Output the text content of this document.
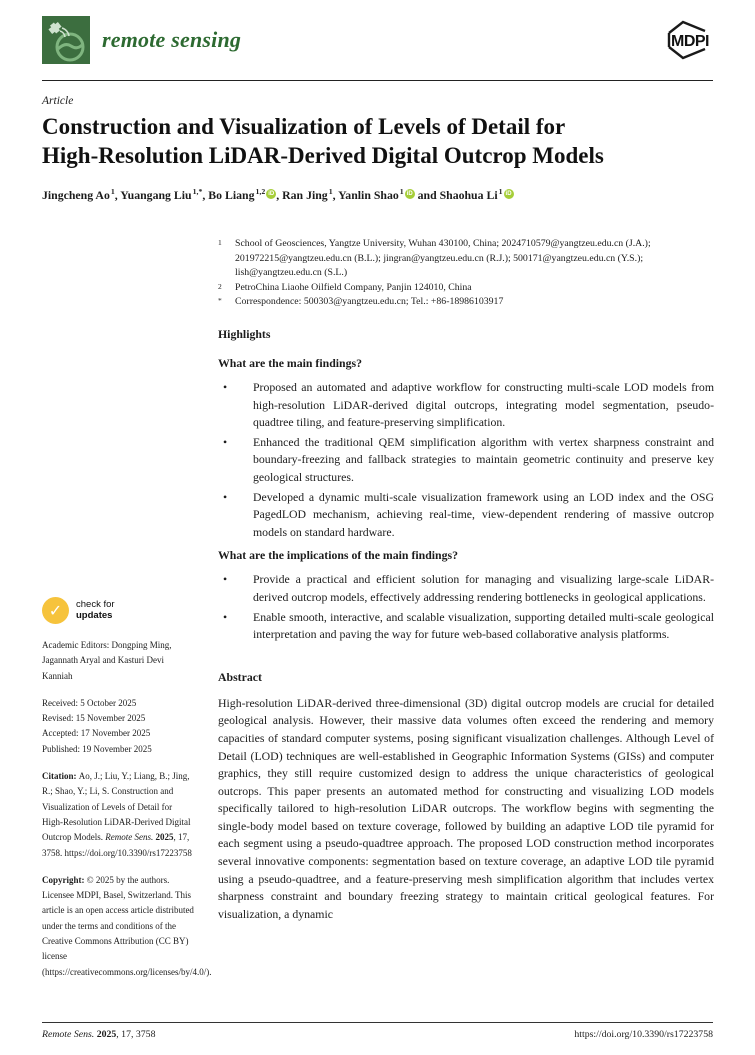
remote sensing	MDPI
Article
Construction and Visualization of Levels of Detail for
High-Resolution LiDAR-Derived Digital Outcrop Models
Jingcheng Ao$^1$, Yuangang Liu$^{1,*}$, Bo Liang$^{1,2}$ iD , Ran Jing$^1$, Yanlin Shao$^1$ iD and Shaohua Li$^1$ iD
1	School of Geosciences, Yangtze University, Wuhan 430100, China; 2024710579@yangtzeu.edu.cn (J.A.); 201972215@yangtzeu.edu.cn (B.L.); jingran@yangtzeu.edu.cn (R.J.); 500171@yangtzeu.edu.cn (Y.S.); lish@yangtzeu.edu.cn (S.L.)
2	PetroChina Liaohe Oilfield Company, Panjin 124010, China
*	Correspondence: 500303@yangtzeu.edu.cn; Tel.: +86-18986103917
Highlights
What are the main findings?
•	Proposed an automated and adaptive workflow for constructing multi-scale LOD models from high-resolution LiDAR-derived digital outcrops, integrating model segmentation, pseudo-quadtree tiling, and feature-preserving simplification.
•	Enhanced the traditional QEM simplification algorithm with vertex sharpness constraint and boundary-freezing and fallback strategies to maintain geometric continuity and preserve key geological structures.
•	Developed a dynamic multi-scale visualization framework using an LOD index and the OSG PagedLOD mechanism, achieving real-time, view-dependent rendering of massive outcrop models on standard hardware.
What are the implications of the main findings?
•	Provide a practical and efficient solution for managing and visualizing large-scale LiDAR-derived outcrop models, effectively addressing rendering bottlenecks in geological applications.
•	Enable smooth, interactive, and scalable visualization, supporting detailed multi-scale geological interpretation and paving the way for future web-based collaborative analysis platforms.
Abstract
High-resolution LiDAR-derived three-dimensional (3D) digital outcrop models are crucial for detailed geological analysis. However, their massive data volumes often exceed the rendering and memory capacities of standard computer systems, posing significant visualization challenges. Although Level of Detail (LOD) techniques are well-established in Geographic Information Systems (GISs) and computer graphics, they still require customized design to address the unique characteristics of geological outcrops. This paper presents an automated method for constructing and visualizing LOD models specifically tailored to high-resolution LiDAR outcrops. The workflow begins with segmenting the single-body model based on texture coverage, followed by building an adaptive LOD tile pyramid for each segment using a pseudo-quadtree approach. The proposed LOD construction method incorporates several innovative components: segmentation based on texture coverage, an adaptive LOD tile pyramid using a pseudo-quadtree, and a feature-preserving mesh simplification algorithm that includes vertex sharpness constraint and boundary freezing strategy to maintain critical geological features. For visualization, a dynamic
✓	check for
updates
Academic Editors: Dongping Ming, Jagannath Aryal and Kasturi Devi Kanniah
Received: 5 October 2025
Revised: 15 November 2025
Accepted: 17 November 2025
Published: 19 November 2025
Citation: Ao, J.; Liu, Y.; Liang, B.; Jing, R.; Shao, Y.; Li, S. Construction and Visualization of Levels of Detail for High-Resolution LiDAR-Derived Digital Outcrop Models. Remote Sens. 2025, 17, 3758. https://doi.org/10.3390/rs17223758
Copyright: © 2025 by the authors. Licensee MDPI, Basel, Switzerland. This article is an open access article distributed under the terms and conditions of the Creative Commons Attribution (CC BY) license (https://creativecommons.org/licenses/by/4.0/).
Remote Sens. 2025, 17, 3758	https://doi.org/10.3390/rs17223758
